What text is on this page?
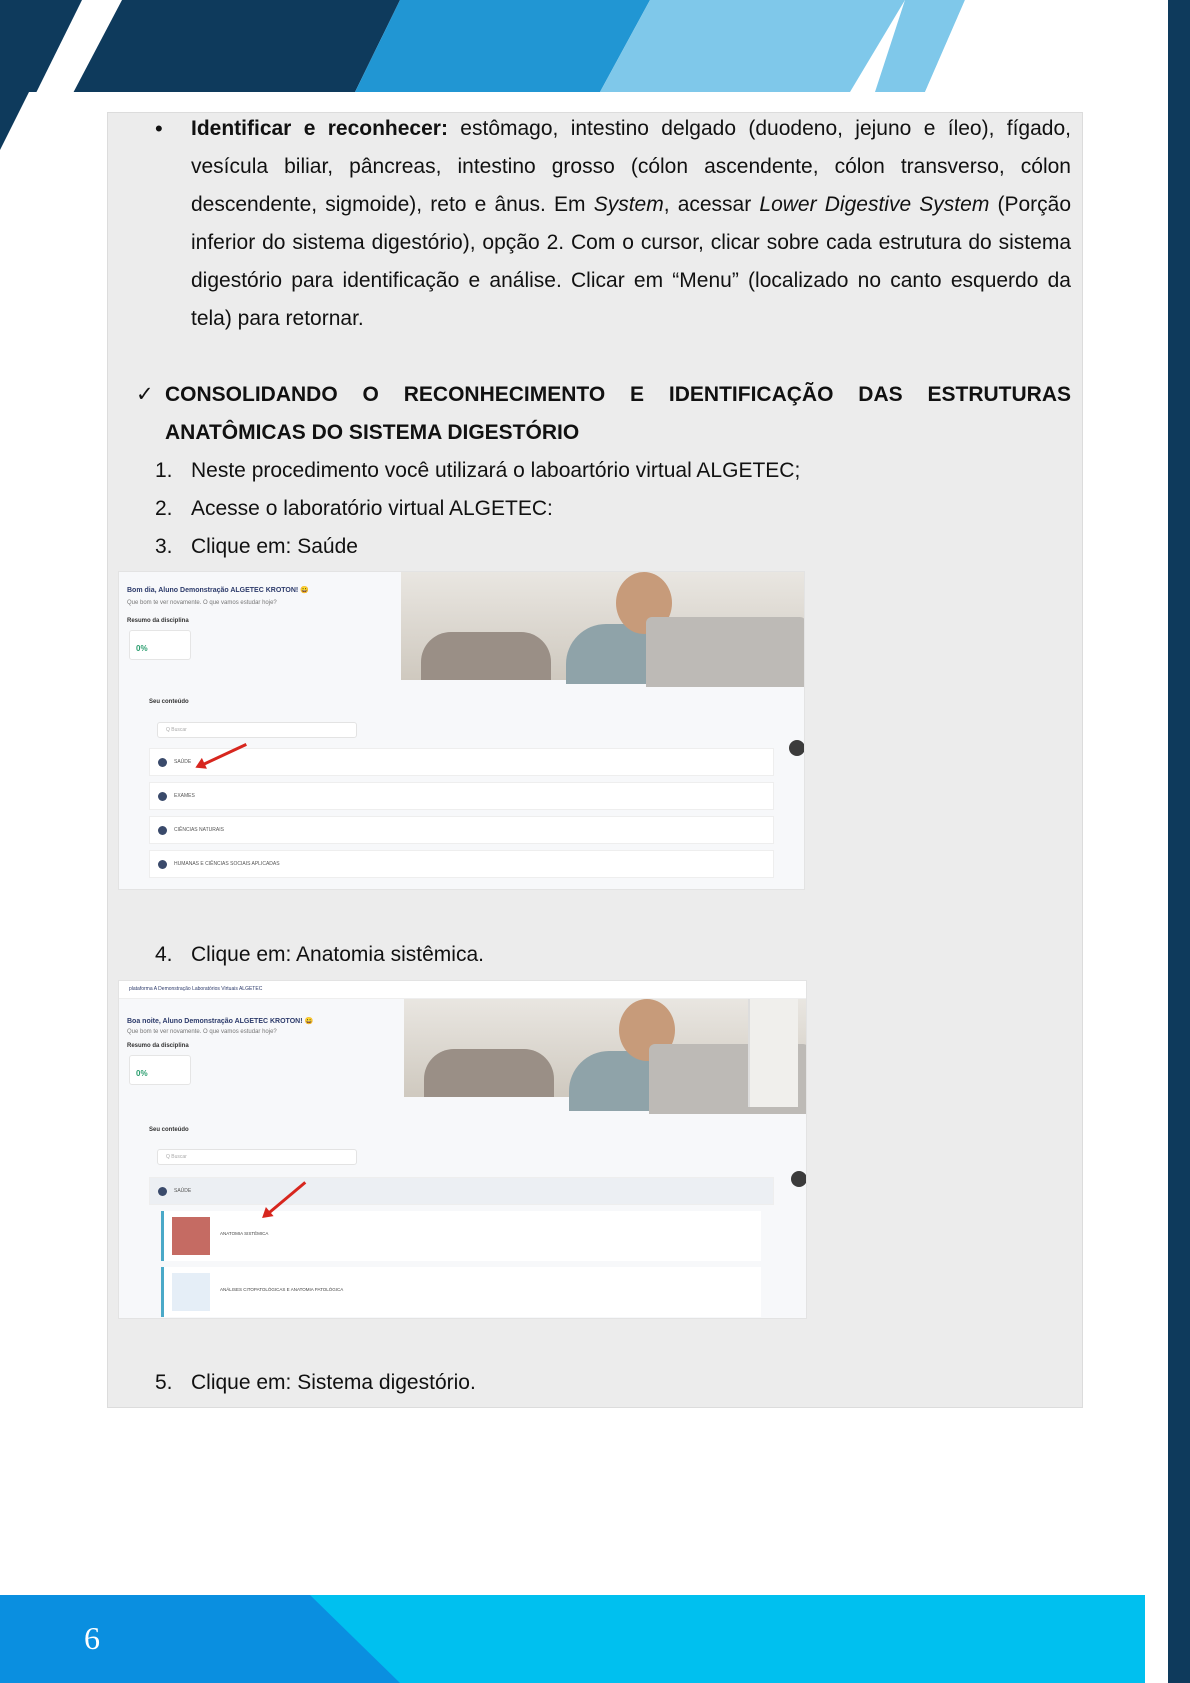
• Identificar e reconhecer: estômago, intestino delgado (duodeno, jejuno e íleo), fígado, vesícula biliar, pâncreas, intestino grosso (cólon ascendente, cólon transverso, cólon descendente, sigmoide), reto e ânus. Em System, acessar Lower Digestive System (Porção inferior do sistema digestório), opção 2. Com o cursor, clicar sobre cada estrutura do sistema digestório para identificação e análise. Clicar em “Menu” (localizado no canto esquerdo da tela) para retornar.
✓ CONSOLIDANDO O RECONHECIMENTO E IDENTIFICAÇÃO DAS ESTRUTURAS ANATÔMICAS DO SISTEMA DIGESTÓRIO
1. Neste procedimento você utilizará o laboartório virtual ALGETEC;
2. Acesse o laboratório virtual ALGETEC:
3. Clique em: Saúde
Bom dia, Aluno Demonstração ALGETEC KROTON! 😀
Que bom te ver novamente. O que vamos estudar hoje?
Resumo da disciplina
0%
Seu conteúdo
Q Buscar
SAÚDE
EXAMES
CIÊNCIAS NATURAIS
HUMANAS E CIÊNCIAS SOCIAIS APLICADAS
4. Clique em: Anatomia sistêmica.
plataforma A Demonstração Laboratórios Virtuais ALGETEC
Boa noite, Aluno Demonstração ALGETEC KROTON! 😀
Que bom te ver novamente. O que vamos estudar hoje?
Resumo da disciplina
0%
Seu conteúdo
Q Buscar
SAÚDE
ANATOMIA SISTÊMICA
ANÁLISES CITOPATOLÓGICAS E ANATOMIA PATOLÓGICA
5. Clique em: Sistema digestório.
6
